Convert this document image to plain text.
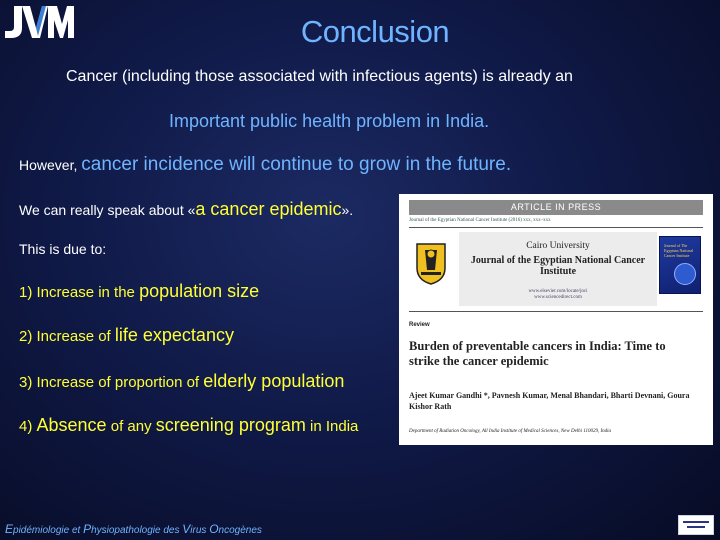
Conclusion
Cancer (including those associated with infectious agents) is already an
Important public health problem in India.
However, cancer incidence will continue to grow in the future.
We can really speak about «a cancer epidemic».
This is due to:
1) Increase in the population size
2) Increase of life expectancy
3) Increase of proportion of elderly population
4) Absence of any screening program in India
ARTICLE IN PRESS
Journal of the Egyptian National Cancer Institute (2016) xxx, xxx–xxx
Cairo University
Journal of the Egyptian National Cancer Institute
www.elsevier.com/locate/jnci
www.sciencedirect.com
Journal of The Egyptian National Cancer Institute
Review
Burden of preventable cancers in India: Time to strike the cancer epidemic
Ajeet Kumar Gandhi *, Pavnesh Kumar, Menal Bhandari, Bharti Devnani, Goura Kishor Rath
Department of Radiation Oncology, All India Institute of Medical Sciences, New Delhi 110029, India
Epidémiologie et Physiopathologie des Virus Oncogènes
